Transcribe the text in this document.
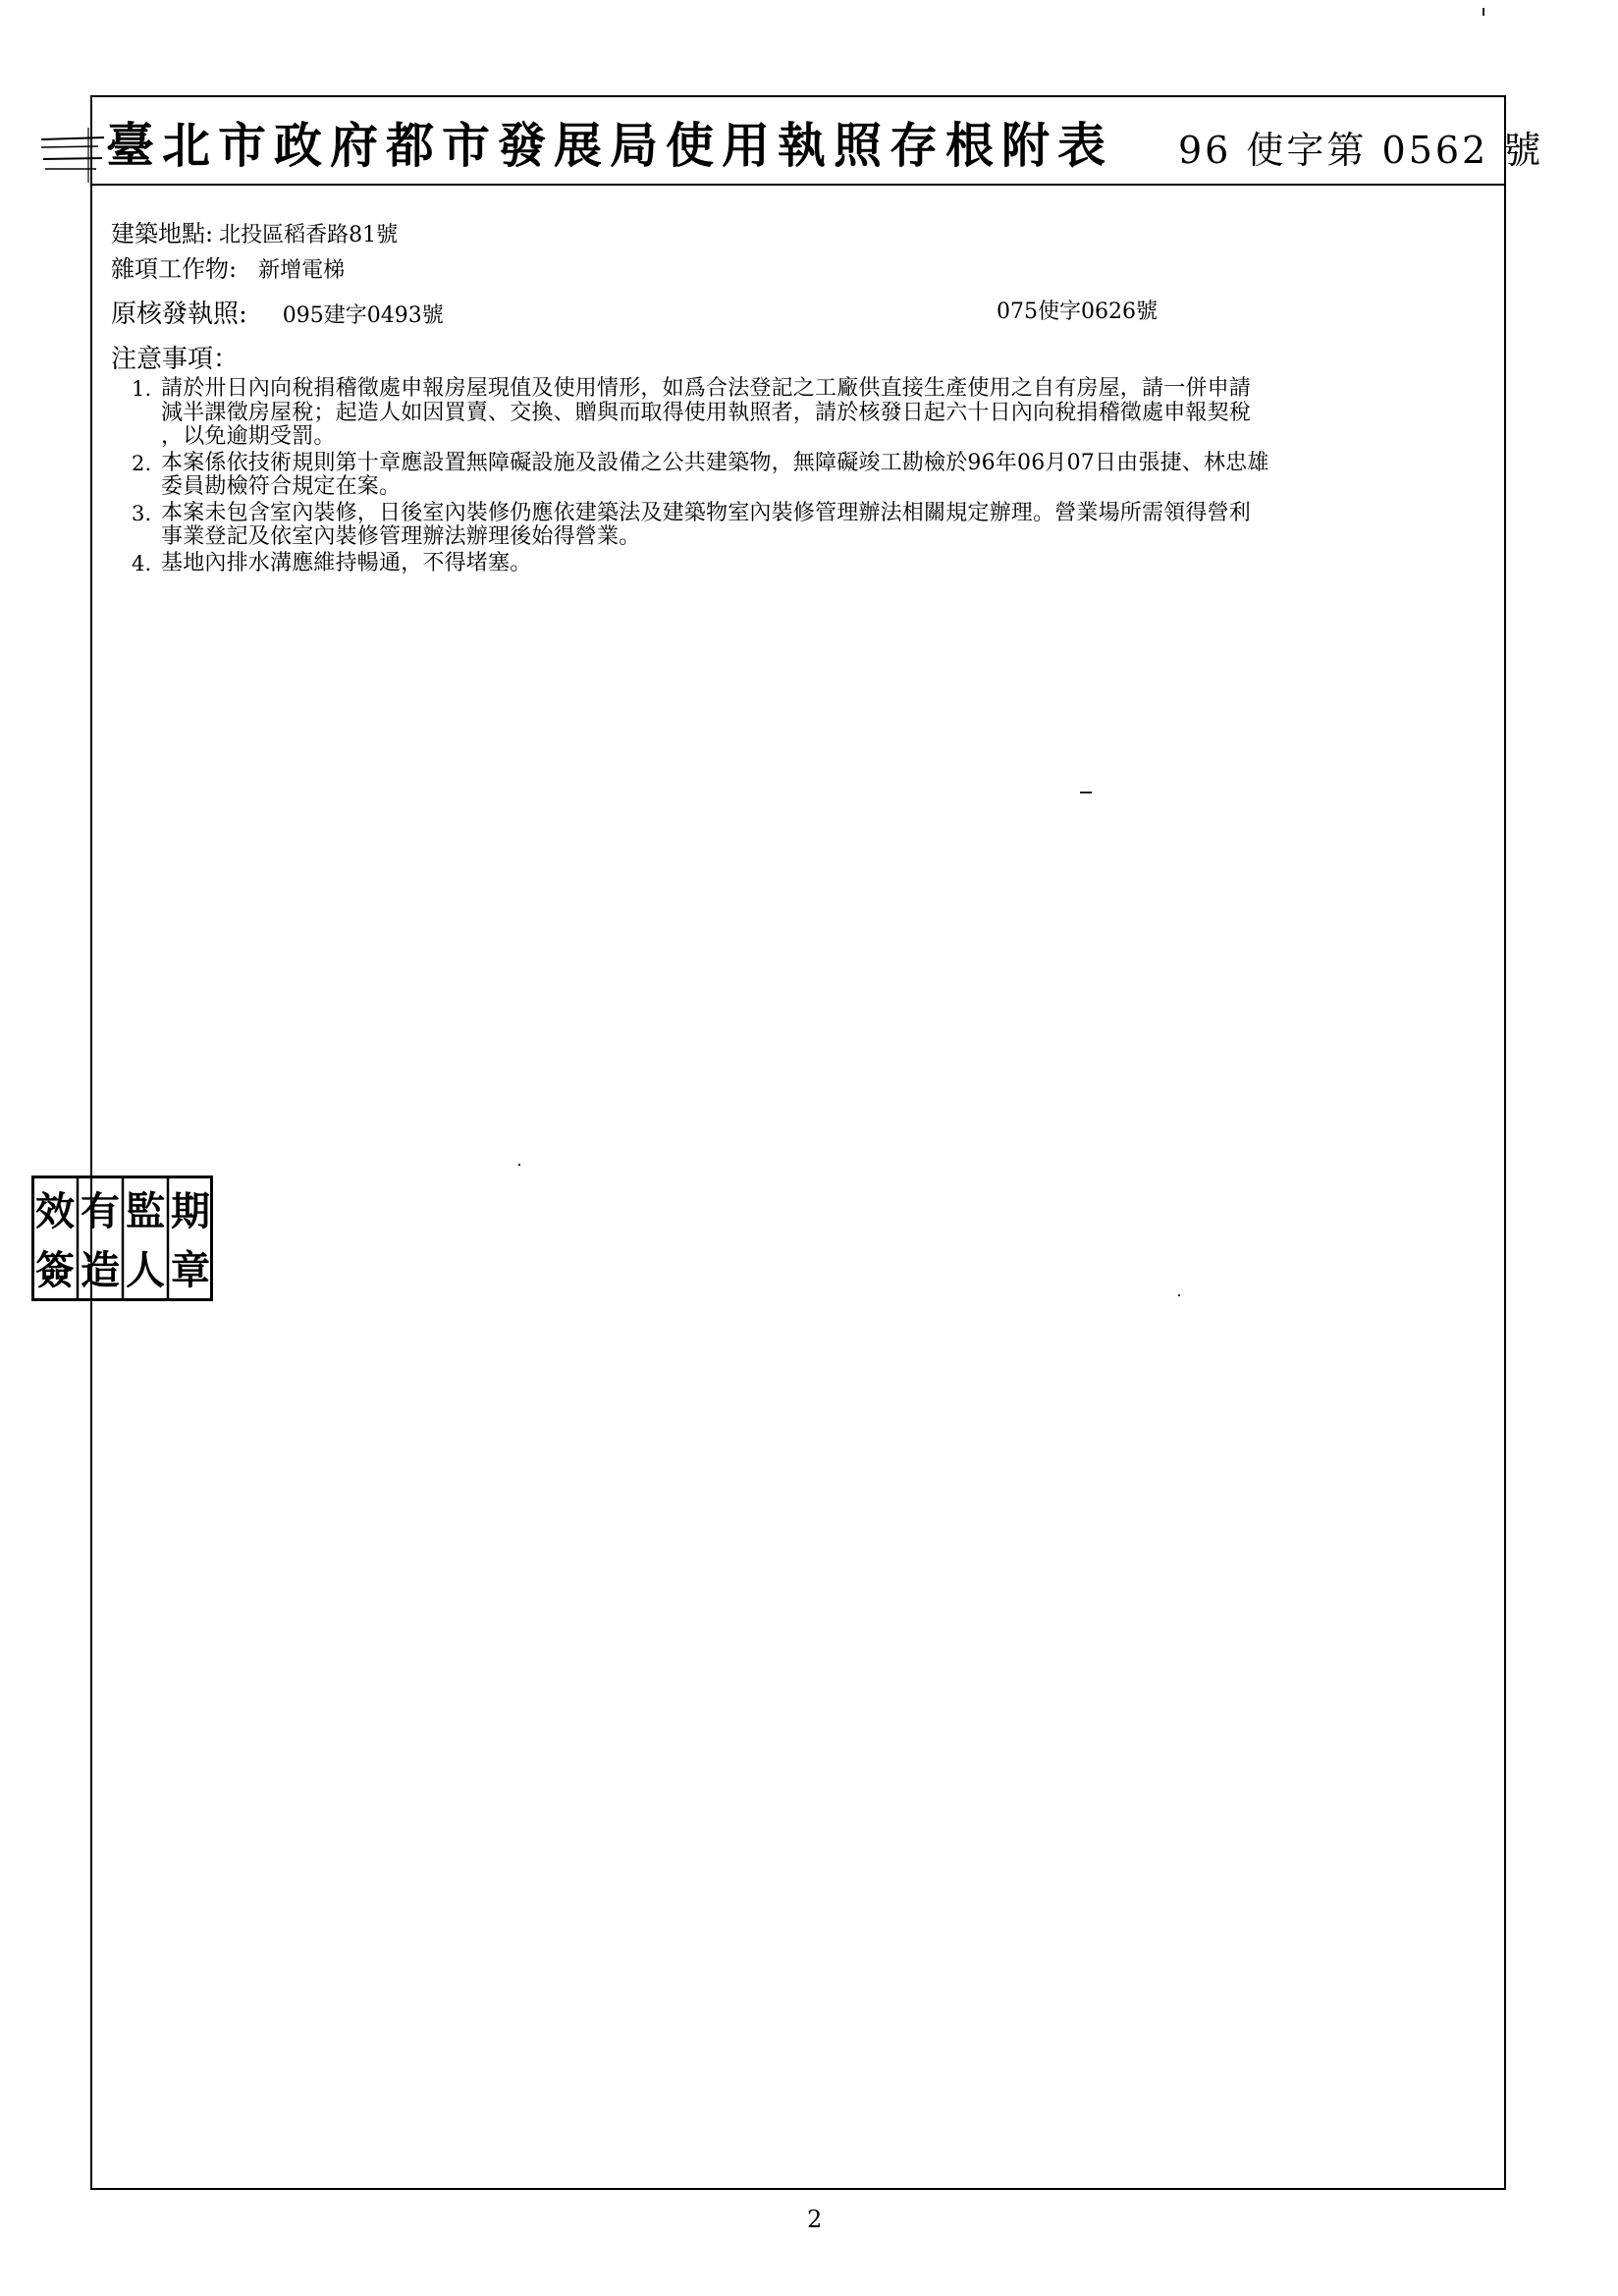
臺北市政府都市發展局使用執照存根附表 96 使字第 0562 號
建築地點: 北投區稻香路81號
雜項工作物: 新增電梯
原核發執照: 095建字0493號	075使字0626號
注意事項：
1. 請於卅日內向稅捐稽徵處申報房屋現值及使用情形，如爲合法登記之工廠供直接生產使用之自有房屋，請一併申請
減半課徵房屋稅；起造人如因買賣、交換、贈與而取得使用執照者，請於核發日起六十日內向稅捐稽徵處申報契稅
，以免逾期受罰。
2. 本案係依技術規則第十章應設置無障礙設施及設備之公共建築物，無障礙竣工勘檢於96年06月07日由張捷、林忠雄
委員勘檢符合規定在案。
3. 本案未包含室內裝修，日後室內裝修仍應依建築法及建築物室內裝修管理辦法相關規定辦理。營業場所需領得營利
事業登記及依室內裝修管理辦法辦理後始得營業。
4. 基地內排水溝應維持暢通，不得堵塞。
效
簽
有
造
監
人
期
章
2
